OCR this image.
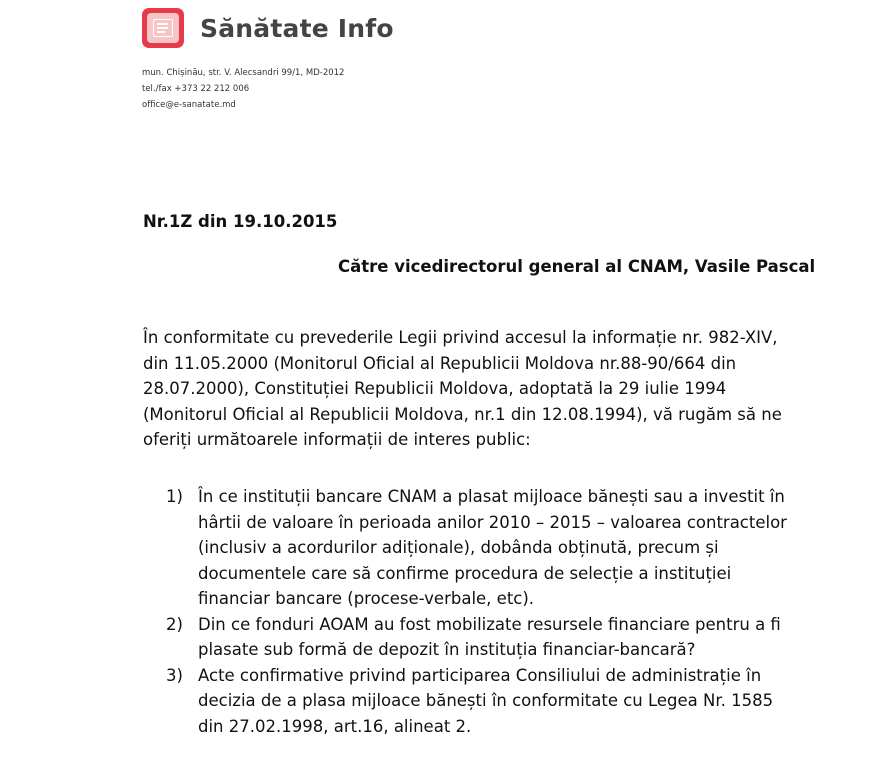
Sănătate Info
mun. Chișinău, str. V. Alecsandri 99/1, MD-2012
tel./fax +373 22 212 006
office@e-sanatate.md
Nr.1Z din 19.10.2015
Către vicedirectorul general al CNAM, Vasile Pascal
În conformitate cu prevederile Legii privind accesul la informație nr. 982-XIV,
din 11.05.2000 (Monitorul Oficial al Republicii Moldova nr.88-90/664 din
28.07.2000), Constituției Republicii Moldova, adoptată la 29 iulie 1994
(Monitorul Oficial al Republicii Moldova, nr.1 din 12.08.1994), vă rugăm să ne
oferiți următoarele informații de interes public:
1) În ce instituții bancare CNAM a plasat mijloace bănești sau a investit în
hârtii de valoare în perioada anilor 2010 – 2015 – valoarea contractelor
(inclusiv a acordurilor adiționale), dobânda obținută, precum și
documentele care să confirme procedura de selecție a instituției
financiar bancare (procese-verbale, etc).
2) Din ce fonduri AOAM au fost mobilizate resursele financiare pentru a fi
plasate sub formă de depozit în instituția financiar-bancară?
3) Acte confirmative privind participarea Consiliului de administrație în
decizia de a plasa mijloace bănești în conformitate cu Legea Nr. 1585
din 27.02.1998, art.16, alineat 2.
